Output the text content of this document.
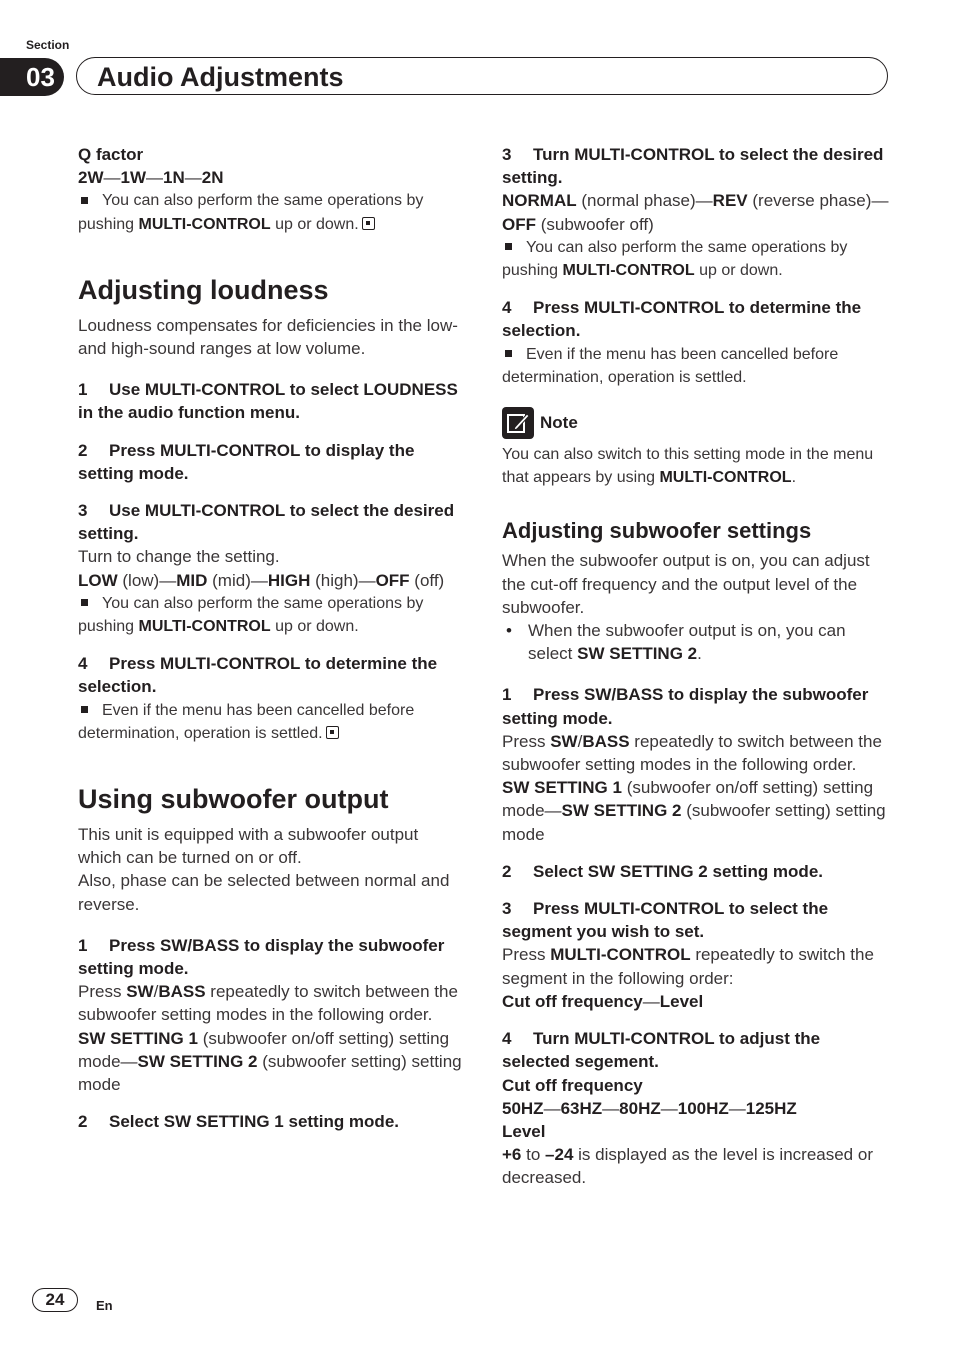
Section
03	Audio Adjustments

Q factor

2W—1W—1N—2N

You can also perform the same operations by pushing MULTI-CONTROL up or down.

Adjusting loudness

Loudness compensates for deficiencies in the low- and high-sound ranges at low volume.

1 Use MULTI-CONTROL to select LOUDNESS in the audio function menu.

2 Press MULTI-CONTROL to display the setting mode.

3 Use MULTI-CONTROL to select the desired setting.

Turn to change the setting.

LOW (low)—MID (mid)—HIGH (high)—OFF (off)

You can also perform the same operations by pushing MULTI-CONTROL up or down.

4 Press MULTI-CONTROL to determine the selection.

Even if the menu has been cancelled before determination, operation is settled.

Using subwoofer output

This unit is equipped with a subwoofer output which can be turned on or off.

Also, phase can be selected between normal and reverse.

1 Press SW/BASS to display the subwoofer setting mode.

Press SW/BASS repeatedly to switch between the subwoofer setting modes in the following order.

SW SETTING 1 (subwoofer on/off setting) setting mode—SW SETTING 2 (subwoofer setting) setting mode

2 Select SW SETTING 1 setting mode.

3 Turn MULTI-CONTROL to select the desired setting.

NORMAL (normal phase)—REV (reverse phase)—OFF (subwoofer off)

You can also perform the same operations by pushing MULTI-CONTROL up or down.

4 Press MULTI-CONTROL to determine the selection.

Even if the menu has been cancelled before determination, operation is settled.

Note

You can also switch to this setting mode in the menu that appears by using MULTI-CONTROL.

Adjusting subwoofer settings

When the subwoofer output is on, you can adjust the cut-off frequency and the output level of the subwoofer.

• When the subwoofer output is on, you can select SW SETTING 2.

1 Press SW/BASS to display the subwoofer setting mode.

Press SW/BASS repeatedly to switch between the subwoofer setting modes in the following order.

SW SETTING 1 (subwoofer on/off setting) setting mode—SW SETTING 2 (subwoofer setting) setting mode

2 Select SW SETTING 2 setting mode.

3 Press MULTI-CONTROL to select the segment you wish to set.

Press MULTI-CONTROL repeatedly to switch the segment in the following order:

Cut off frequency—Level

4 Turn MULTI-CONTROL to adjust the selected segement.

Cut off frequency

50HZ—63HZ—80HZ—100HZ—125HZ

Level

+6 to –24 is displayed as the level is increased or decreased.

24	En
